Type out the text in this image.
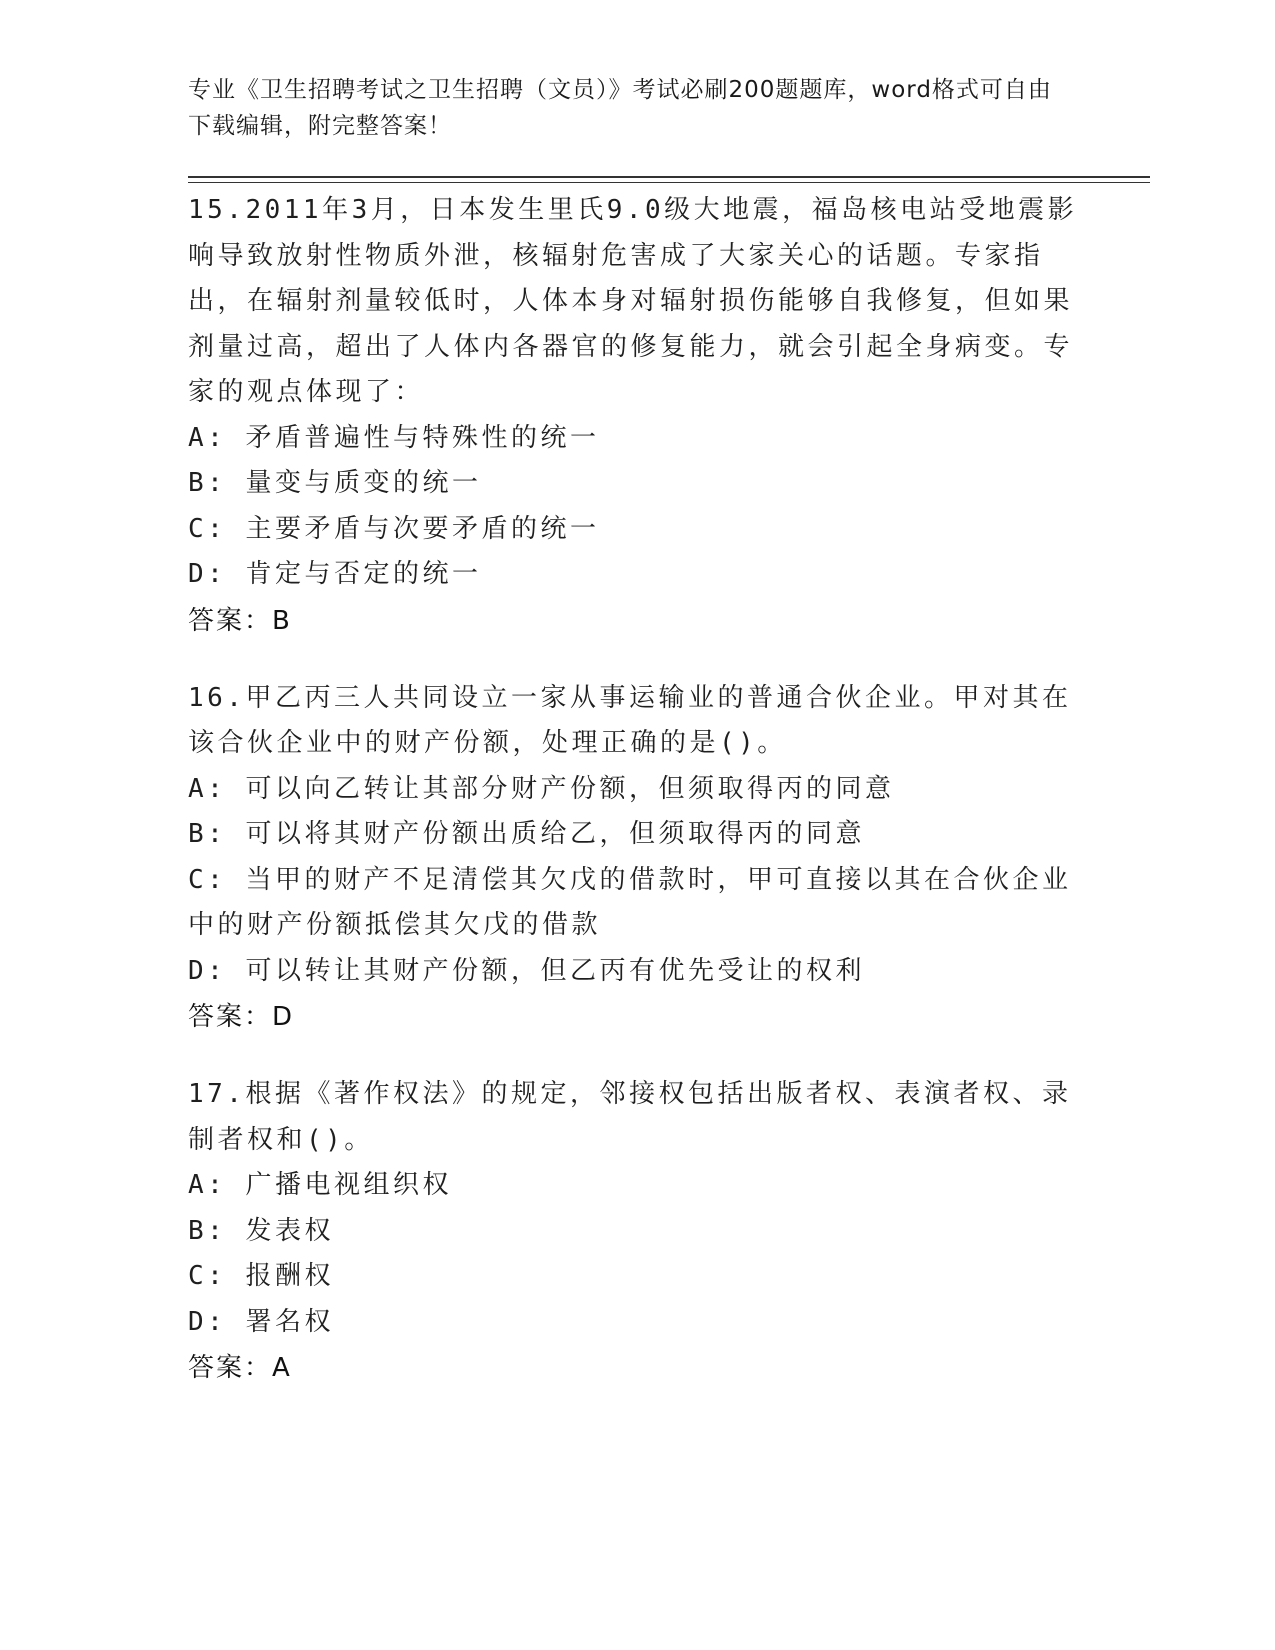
专业《卫生招聘考试之卫生招聘（文员）》考试必刷200题题库，word格式可自由下载编辑，附完整答案！
15.2011年3月，日本发生里氏9.0级大地震，福岛核电站受地震影响导致放射性物质外泄，核辐射危害成了大家关心的话题。专家指出，在辐射剂量较低时，人体本身对辐射损伤能够自我修复，但如果剂量过高，超出了人体内各器官的修复能力，就会引起全身病变。专家的观点体现了：
A: 矛盾普遍性与特殊性的统一
B: 量变与质变的统一
C: 主要矛盾与次要矛盾的统一
D: 肯定与否定的统一
答案：B
16.甲乙丙三人共同设立一家从事运输业的普通合伙企业。甲对其在该合伙企业中的财产份额，处理正确的是()。
A: 可以向乙转让其部分财产份额，但须取得丙的同意
B: 可以将其财产份额出质给乙，但须取得丙的同意
C: 当甲的财产不足清偿其欠戊的借款时，甲可直接以其在合伙企业中的财产份额抵偿其欠戊的借款
D: 可以转让其财产份额，但乙丙有优先受让的权利
答案：D
17.根据《著作权法》的规定，邻接权包括出版者权、表演者权、录制者权和()。
A: 广播电视组织权
B: 发表权
C: 报酬权
D: 署名权
答案：A
